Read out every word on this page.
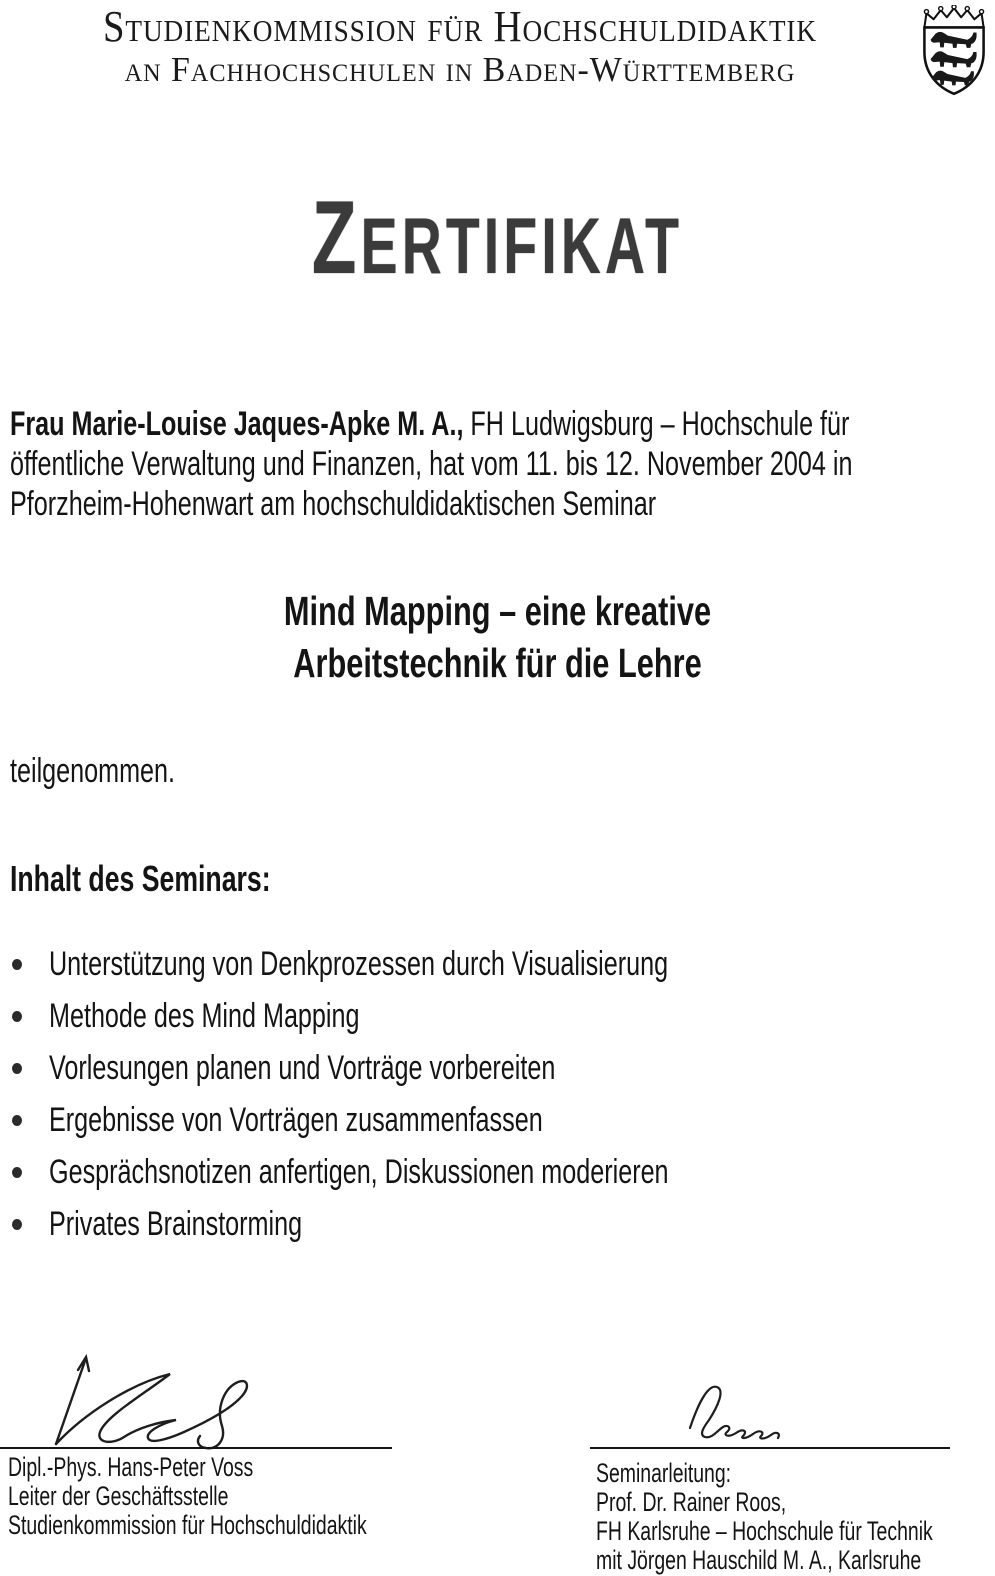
Studienkommission für Hochschuldidaktik
an Fachhochschulen in Baden-Württemberg
ZERTIFIKAT
Frau Marie-Louise Jaques-Apke M. A., FH Ludwigsburg – Hochschule für
öffentliche Verwaltung und Finanzen, hat vom 11. bis 12. November 2004 in
Pforzheim-Hohenwart am hochschuldidaktischen Seminar
Mind Mapping – eine kreative
Arbeitstechnik für die Lehre
teilgenommen.
Inhalt des Seminars:
Unterstützung von Denkprozessen durch Visualisierung
Methode des Mind Mapping
Vorlesungen planen und Vorträge vorbereiten
Ergebnisse von Vorträgen zusammenfassen
Gesprächsnotizen anfertigen, Diskussionen moderieren
Privates Brainstorming
Dipl.-Phys. Hans-Peter Voss
Leiter der Geschäftsstelle
Studienkommission für Hochschuldidaktik
Seminarleitung:
Prof. Dr. Rainer Roos,
FH Karlsruhe – Hochschule für Technik
mit Jörgen Hauschild M. A., Karlsruhe
